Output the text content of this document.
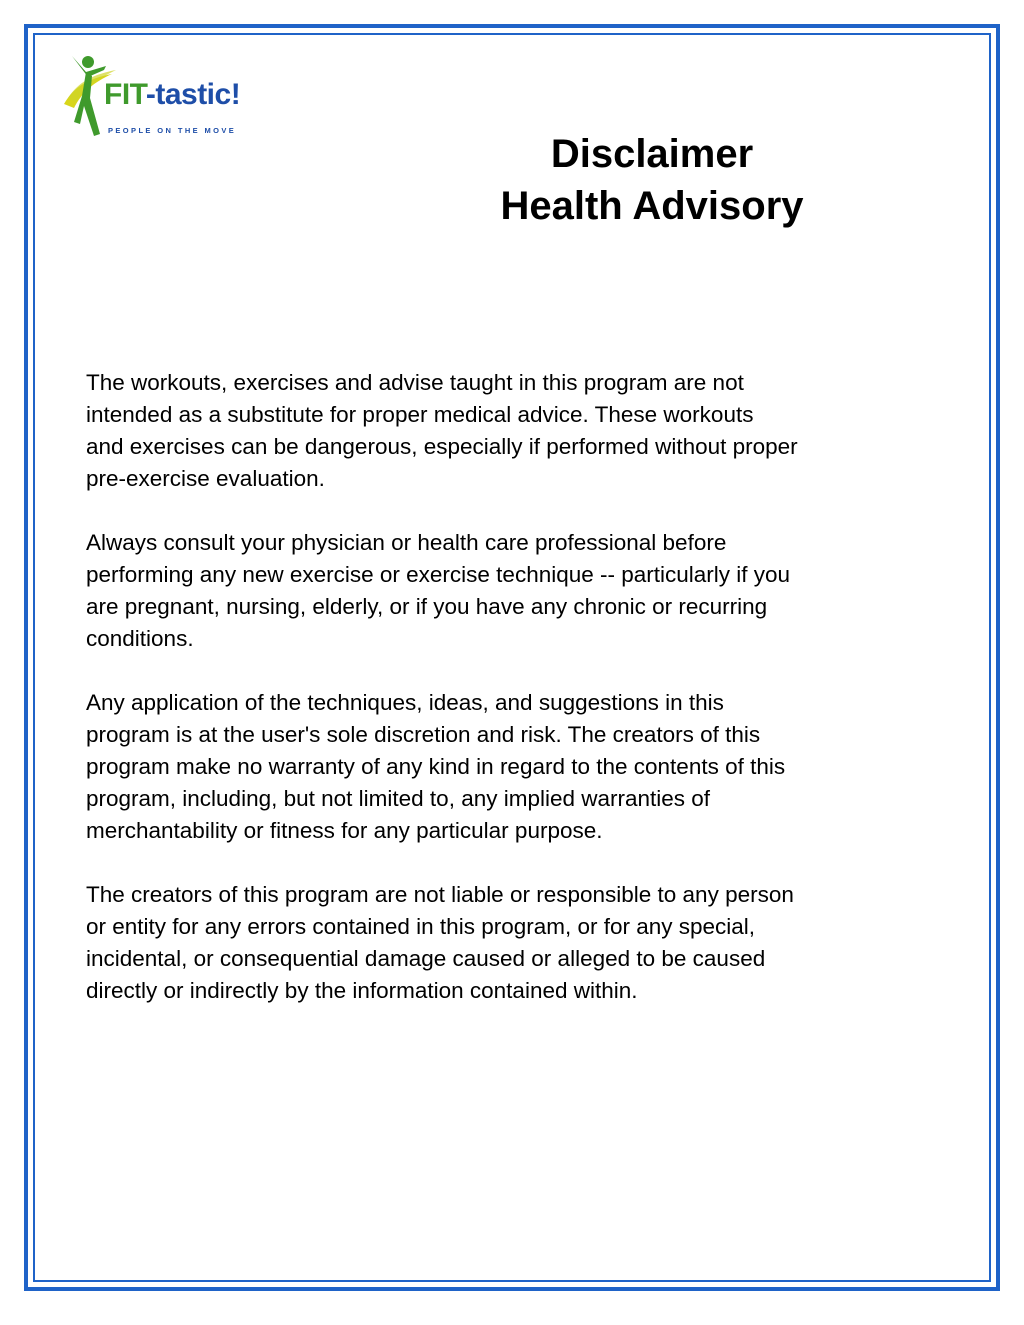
FIT-tastic!
PEOPLE ON THE MOVE

Disclaimer

Health Advisory

The workouts, exercises and advise taught in this program are not
intended as a substitute for proper medical advice. These workouts
and exercises can be dangerous, especially if performed without proper
pre-exercise evaluation.

Always consult your physician or health care professional before
performing any new exercise or exercise technique -- particularly if you
are pregnant, nursing, elderly, or if you have any chronic or recurring
conditions.

Any application of the techniques, ideas, and suggestions in this
program is at the user's sole discretion and risk. The creators of this
program make no warranty of any kind in regard to the contents of this
program, including, but not limited to, any implied warranties of
merchantability or fitness for any particular purpose.

The creators of this program are not liable or responsible to any person
or entity for any errors contained in this program, or for any special,
incidental, or consequential damage caused or alleged to be caused
directly or indirectly by the information contained within.
